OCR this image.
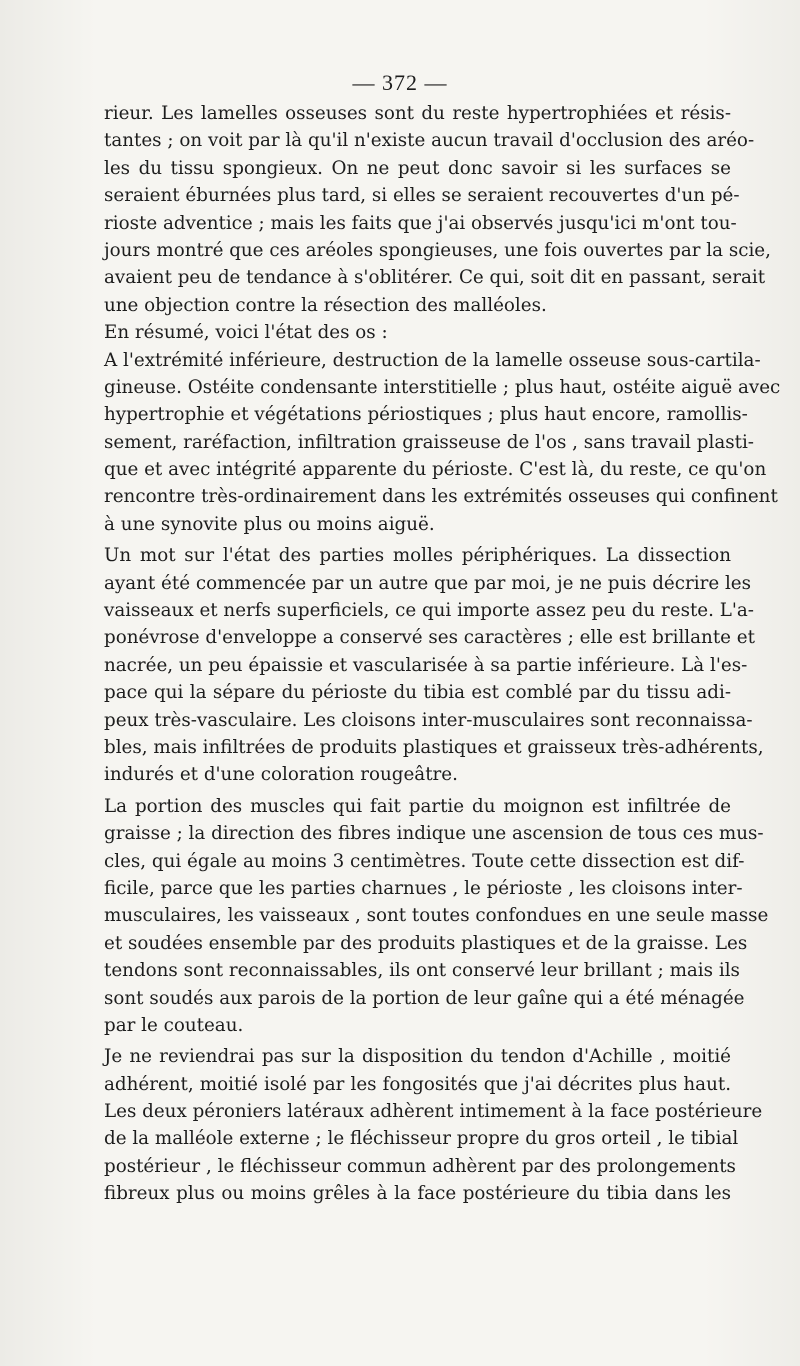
— 372 —
rieur. Les lamelles osseuses sont du reste hypertrophiées et résis-
tantes ; on voit par là qu'il n'existe aucun travail d'occlusion des aréo-
les du tissu spongieux. On ne peut donc savoir si les surfaces se
seraient éburnées plus tard, si elles se seraient recouvertes d'un pé-
rioste adventice ; mais les faits que j'ai observés jusqu'ici m'ont tou-
jours montré que ces aréoles spongieuses, une fois ouvertes par la scie,
avaient peu de tendance à s'oblitérer. Ce qui, soit dit en passant, serait
une objection contre la résection des malléoles.
En résumé, voici l'état des os :
A l'extrémité inférieure, destruction de la lamelle osseuse sous-cartila-
gineuse. Ostéite condensante interstitielle ; plus haut, ostéite aiguë avec
hypertrophie et végétations périostiques ; plus haut encore, ramollis-
sement, raréfaction, infiltration graisseuse de l'os , sans travail plasti-
que et avec intégrité apparente du périoste. C'est là, du reste, ce qu'on
rencontre très-ordinairement dans les extrémités osseuses qui confinent
à une synovite plus ou moins aiguë.
Un mot sur l'état des parties molles périphériques. La dissection
ayant été commencée par un autre que par moi, je ne puis décrire les
vaisseaux et nerfs superficiels, ce qui importe assez peu du reste. L'a-
ponévrose d'enveloppe a conservé ses caractères ; elle est brillante et
nacrée, un peu épaissie et vascularisée à sa partie inférieure. Là l'es-
pace qui la sépare du périoste du tibia est comblé par du tissu adi-
peux très-vasculaire. Les cloisons inter-musculaires sont reconnaissa-
bles, mais infiltrées de produits plastiques et graisseux très-adhérents,
indurés et d'une coloration rougeâtre.
La portion des muscles qui fait partie du moignon est infiltrée de
graisse ; la direction des fibres indique une ascension de tous ces mus-
cles, qui égale au moins 3 centimètres. Toute cette dissection est dif-
ficile, parce que les parties charnues , le périoste , les cloisons inter-
musculaires, les vaisseaux , sont toutes confondues en une seule masse
et soudées ensemble par des produits plastiques et de la graisse. Les
tendons sont reconnaissables, ils ont conservé leur brillant ; mais ils
sont soudés aux parois de la portion de leur gaîne qui a été ménagée
par le couteau.
Je ne reviendrai pas sur la disposition du tendon d'Achille , moitié
adhérent, moitié isolé par les fongosités que j'ai décrites plus haut.
Les deux péroniers latéraux adhèrent intimement à la face postérieure
de la malléole externe ; le fléchisseur propre du gros orteil , le tibial
postérieur , le fléchisseur commun adhèrent par des prolongements
fibreux plus ou moins grêles à la face postérieure du tibia dans les
